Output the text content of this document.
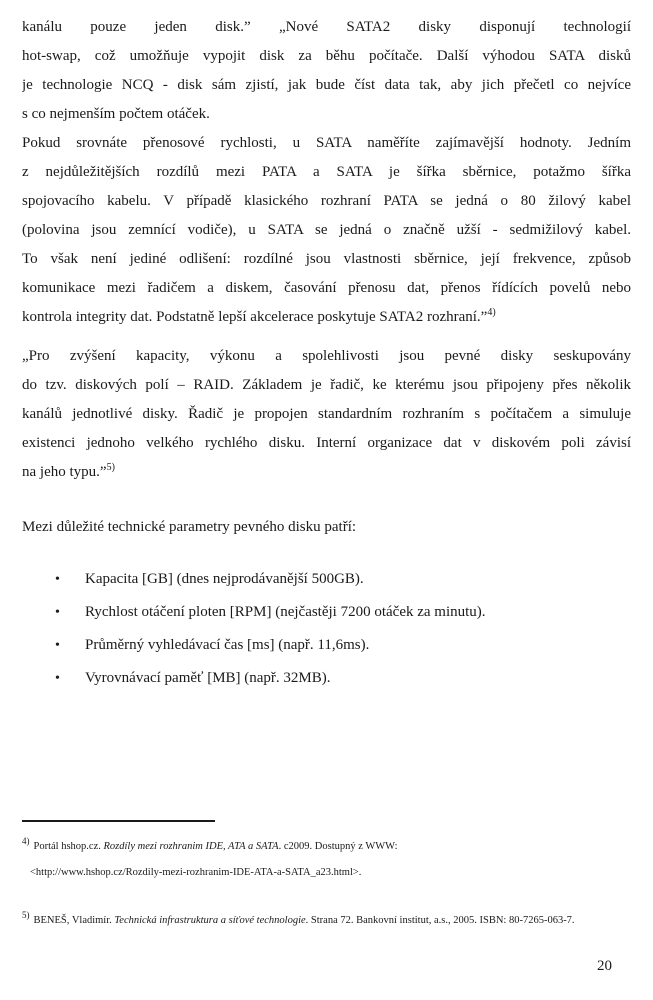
kanálu pouze jeden disk.” „Nové SATA2 disky disponují technologií
hot-swap, což umožňuje vypojit disk za běhu počítače. Další výhodou SATA disků
je technologie NCQ - disk sám zjistí, jak bude číst data tak, aby jich přečetl co nejvíce
s co nejmenším počtem otáček.
Pokud srovnáte přenosové rychlosti, u SATA naměříte zajímavější hodnoty. Jedním
z nejdůležitějších rozdílů mezi PATA a SATA je šířka sběrnice, potažmo šířka
spojovacího kabelu. V případě klasického rozhraní PATA se jedná o 80 žilový kabel
(polovina jsou zemnící vodiče), u SATA se jedná o značně užší - sedmižilový kabel.
To však není jediné odlišení: rozdílné jsou vlastnosti sběrnice, její frekvence, způsob
komunikace mezi řadičem a diskem, časování přenosu dat, přenos řídících povelů nebo
kontrola integrity dat. Podstatně lepší akcelerace poskytuje SATA2 rozhraní.”$^{4)}$
„Pro zvýšení kapacity, výkonu a spolehlivosti jsou pevné disky seskupovány
do tzv. diskových polí – RAID. Základem je řadič, ke kterému jsou připojeny přes několik
kanálů jednotlivé disky. Řadič je propojen standardním rozhraním s počítačem a simuluje
existenci jednoho velkého rychlého disku. Interní organizace dat v diskovém poli závisí
na jeho typu.”$^{5)}$
Mezi důležité technické parametry pevného disku patří:
• Kapacita [GB] (dnes nejprodávanější 500GB).
• Rychlost otáčení ploten [RPM] (nejčastěji 7200 otáček za minutu).
• Průměrný vyhledávací čas [ms] (např. 11,6ms).
• Vyrovnávací paměť [MB] (např. 32MB).
$^{4)}$ Portál hshop.cz. Rozdíly mezi rozhranim IDE, ATA a SATA. c2009. Dostupný z WWW:
<http://www.hshop.cz/Rozdily-mezi-rozhranim-IDE-ATA-a-SATA_a23.html>.
$^{5)}$ BENEŠ, Vladimír. Technická infrastruktura a síťové technologie. Strana 72. Bankovní institut, a.s., 2005. ISBN: 80-7265-063-7.
20
